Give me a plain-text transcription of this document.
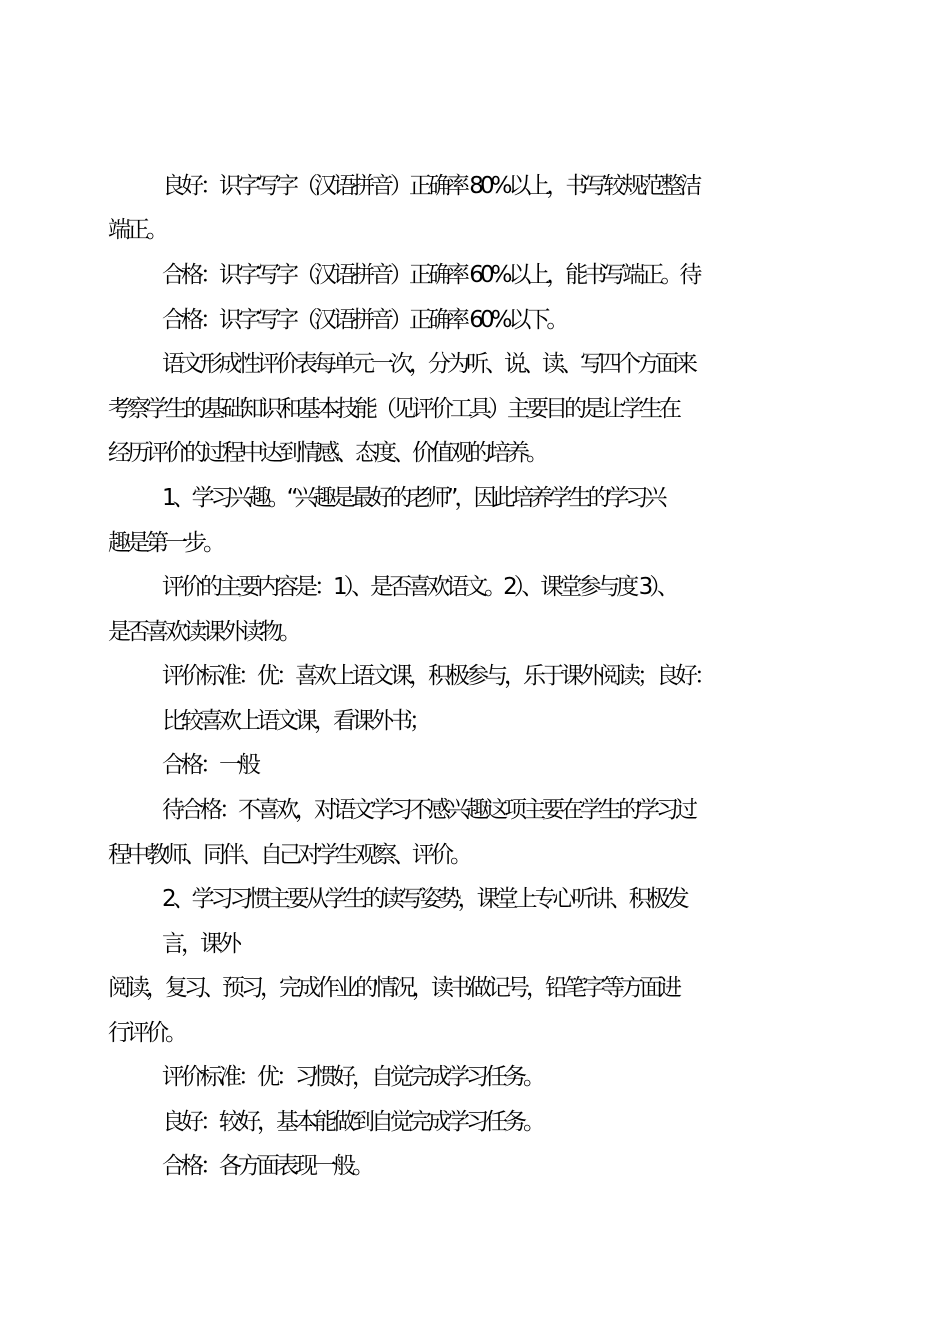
良好：识字写字（汉语拼音）正确率 80%以上，书写较规范整洁
端正。
合格：识字写字（汉语拼音）正确率 60%以上，能书写端正。待
合格：识字写字（汉语拼音）正确率 60%以下。
语文形成性评价表每单元一次，分为听、说、读、写四个方面来
考察学生的基础知识和基本技能（见评价工具）主要目的是让学生在
经历评价的过程中达到情感、态度、价值观的培养。
1、学习兴趣。“兴趣是最好的老师”，因此培养学生的学习兴
趣是第一步。
评价的主要内容是：1）、是否喜欢语文。2）、课堂参与度 3）、
是否喜欢读课外读物。
评价标准：优：喜欢上语文课，积极参与，乐于课外阅读；良好：
比较喜欢上语文课，看课外书；
合格：一般
待合格：不喜欢，对语文学习不感兴趣这项主要在学生的学习过
程中教师、同伴、自己对学生观察、评价。
2、学习习惯主要从学生的读写姿势，课堂上专心听讲、积极发
言，课外
阅读，复习、预习，完成作业的情况，读书做记号，铅笔字等方面进
行评价。
评价标准：优：习惯好，自觉完成学习任务。
良好：较好，基本能做到自觉完成学习任务。
合格：各方面表现一般。
